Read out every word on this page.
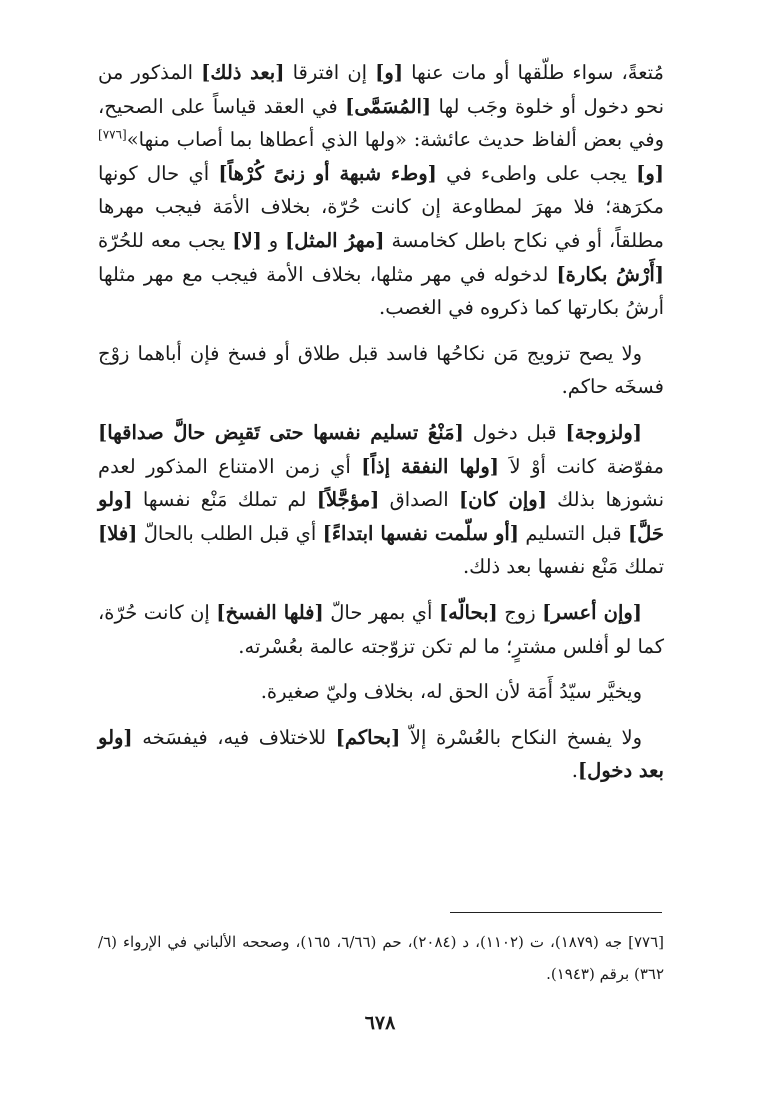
مُتعةً، سواء طلّقها أو مات عنها [و] إن افترقا [بعد ذلك] المذكور من نحو دخول أو خلوة وجَب لها [المُسَمَّى] في العقد قياساً على الصحيح، وفي بعض ألفاظ حديث عائشة: «ولها الذي أعطاها بما أصاب منها»[٧٧٦] [و] يجب على واطىء في [وطء شبهة أو زنىً كُرْهاً] أي حال كونها مكرَهة؛ فلا مهرَ لمطاوعة إن كانت حُرّة، بخلاف الأمَة فيجب مهرها مطلقاً، أو في نكاح باطل كخامسة [مهرُ المثل] و [لا] يجب معه للحُرّة [أَرْشُ بكارة] لدخوله في مهر مثلها، بخلاف الأمة فيجب مع مهر مثلها أرشُ بكارتها كما ذكروه في الغصب.

ولا يصح تزويج مَن نكاحُها فاسد قبل طلاق أو فسخ فإن أباهما زوْج فسخَه حاكم.

[ولزوجة] قبل دخول [مَنْعُ تسليم نفسها حتى تَقبِض حالَّ صداقها] مفوّضة كانت أوْ لاَ [ولها النفقة إذاً] أي زمن الامتناع المذكور لعدم نشوزها بذلك [وإن كان] الصداق [مؤجَّلاً] لم تملك مَنْع نفسها [ولو حَلَّ] قبل التسليم [أو سلّمت نفسها ابتداءً] أي قبل الطلب بالحالّ [فلا] تملك مَنْع نفسها بعد ذلك.

[وإن أعسر] زوج [بحالّه] أي بمهر حالّ [فلها الفسخ] إن كانت حُرّة، كما لو أفلس مشترٍ؛ ما لم تكن تزوّجته عالمة بعُسْرته.

ويخيَّر سيّدُ أَمَة لأن الحق له، بخلاف وليّ صغيرة.

ولا يفسخ النكاح بالعُسْرة إلاّ [بحاكم] للاختلاف فيه، فيفسَخه [ولو بعد دخول].

[٧٧٦] جه (١٨٧٩)، ت (١١٠٢)، د (٢٠٨٤)، حم (٦/٦٦، ١٦٥)، وصححه الألباني في الإرواء (٦/ ٣٦٢) برقم (١٩٤٣).

٦٧٨
